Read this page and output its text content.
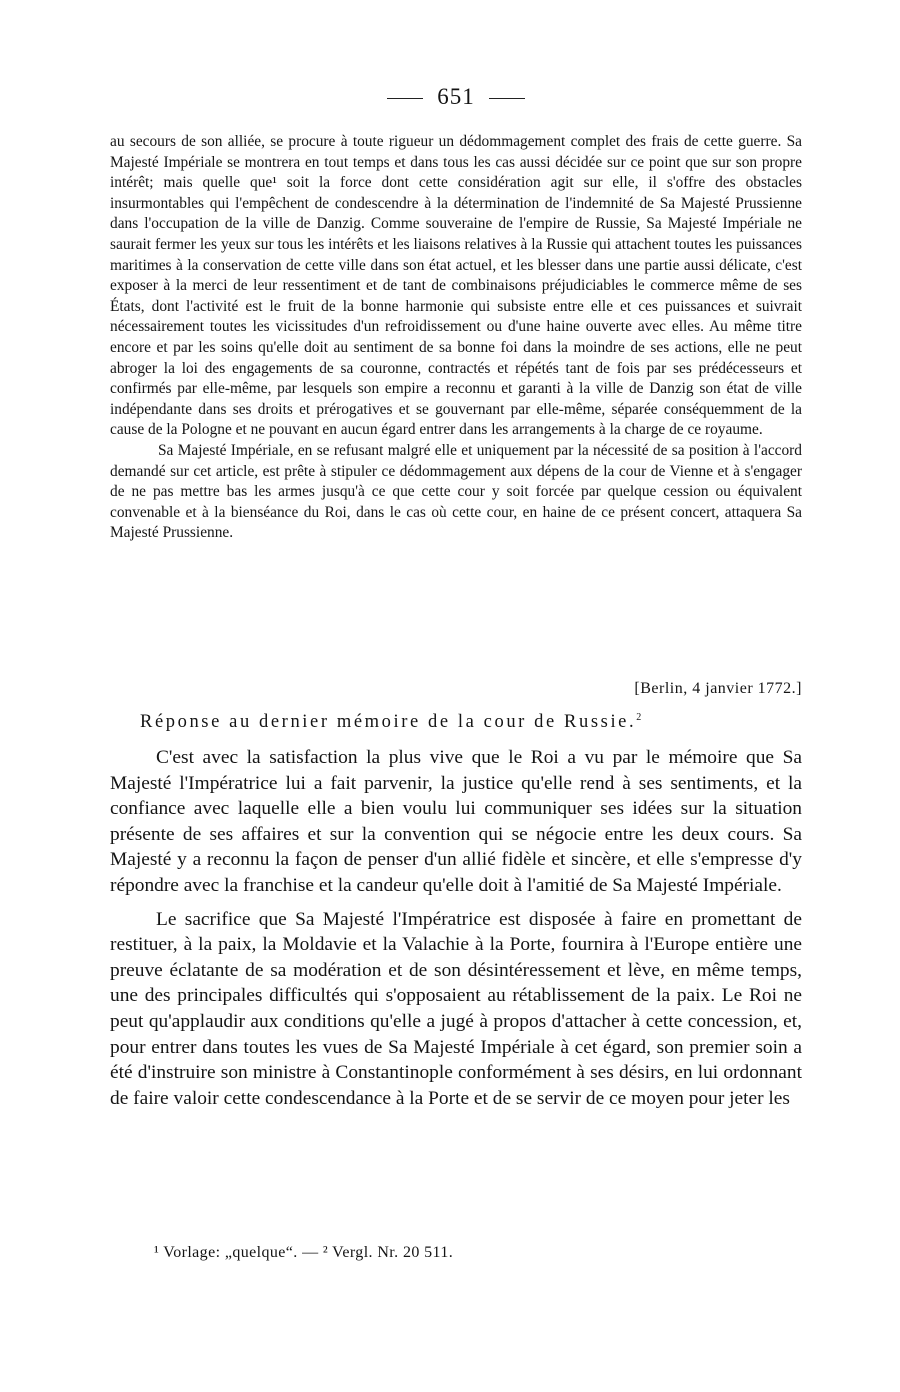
651

au secours de son alliée, se procure à toute rigueur un dédommagement complet des frais de cette guerre. Sa Majesté Impériale se montrera en tout temps et dans tous les cas aussi décidée sur ce point que sur son propre intérêt; mais quelle que¹ soit la force dont cette considération agit sur elle, il s'offre des obstacles insurmontables qui l'empêchent de condescendre à la détermination de l'indemnité de Sa Majesté Prussienne dans l'occupation de la ville de Danzig. Comme souveraine de l'empire de Russie, Sa Majesté Impériale ne saurait fermer les yeux sur tous les intérêts et les liaisons relatives à la Russie qui attachent toutes les puissances maritimes à la conservation de cette ville dans son état actuel, et les blesser dans une partie aussi délicate, c'est exposer à la merci de leur ressentiment et de tant de combinaisons préjudiciables le commerce même de ses États, dont l'activité est le fruit de la bonne harmonie qui subsiste entre elle et ces puissances et suivrait nécessairement toutes les vicissitudes d'un refroidissement ou d'une haine ouverte avec elles. Au même titre encore et par les soins qu'elle doit au sentiment de sa bonne foi dans la moindre de ses actions, elle ne peut abroger la loi des engagements de sa couronne, contractés et répétés tant de fois par ses prédécesseurs et confirmés par elle-même, par lesquels son empire a reconnu et garanti à la ville de Danzig son état de ville indépendante dans ses droits et prérogatives et se gouvernant par elle-même, séparée conséquemment de la cause de la Pologne et ne pouvant en aucun égard entrer dans les arrangements à la charge de ce royaume.

Sa Majesté Impériale, en se refusant malgré elle et uniquement par la nécessité de sa position à l'accord demandé sur cet article, est prête à stipuler ce dédommagement aux dépens de la cour de Vienne et à s'engager de ne pas mettre bas les armes jusqu'à ce que cette cour y soit forcée par quelque cession ou équivalent convenable et à la bienséance du Roi, dans le cas où cette cour, en haine de ce présent concert, attaquera Sa Majesté Prussienne.

[Berlin, 4 janvier 1772.]
Réponse au dernier mémoire de la cour de Russie.$^2$

C'est avec la satisfaction la plus vive que le Roi a vu par le mémoire que Sa Majesté l'Impératrice lui a fait parvenir, la justice qu'elle rend à ses sentiments, et la confiance avec laquelle elle a bien voulu lui communiquer ses idées sur la situation présente de ses affaires et sur la convention qui se négocie entre les deux cours. Sa Majesté y a reconnu la façon de penser d'un allié fidèle et sincère, et elle s'empresse d'y répondre avec la franchise et la candeur qu'elle doit à l'amitié de Sa Majesté Impériale.

Le sacrifice que Sa Majesté l'Impératrice est disposée à faire en promettant de restituer, à la paix, la Moldavie et la Valachie à la Porte, fournira à l'Europe entière une preuve éclatante de sa modération et de son désintéressement et lève, en même temps, une des principales difficultés qui s'opposaient au rétablissement de la paix. Le Roi ne peut qu'applaudir aux conditions qu'elle a jugé à propos d'attacher à cette concession, et, pour entrer dans toutes les vues de Sa Majesté Impériale à cet égard, son premier soin a été d'instruire son ministre à Constantinople conformément à ses désirs, en lui ordonnant de faire valoir cette condescendance à la Porte et de se servir de ce moyen pour jeter les

¹ Vorlage: „quelque“. — ² Vergl. Nr. 20 511.
